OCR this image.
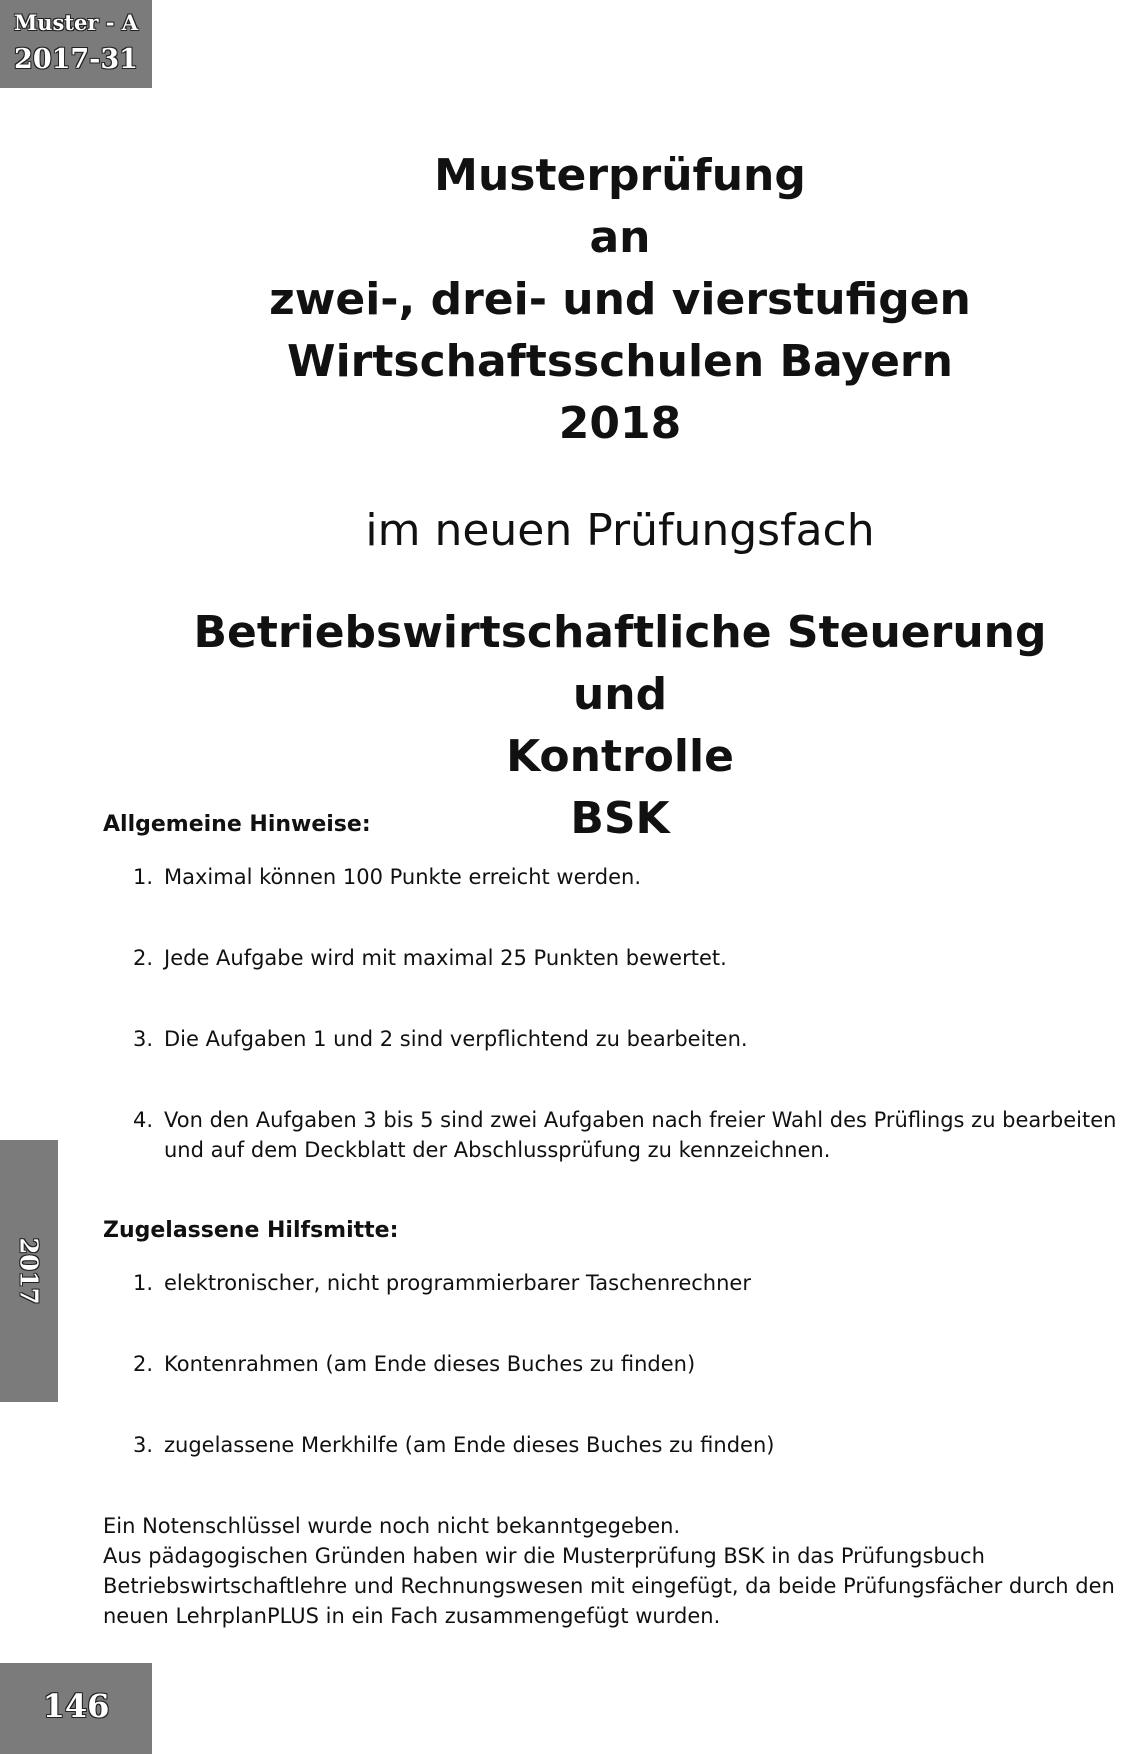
Muster - A
2017-31
2017
146
Musterprüfung
an
zwei-, drei- und vierstufigen
Wirtschaftsschulen Bayern
2018
im neuen Prüfungsfach
Betriebswirtschaftliche Steuerung und
Kontrolle
BSK
Allgemeine Hinweise:
1. Maximal können 100 Punkte erreicht werden.
2. Jede Aufgabe wird mit maximal 25 Punkten bewertet.
3. Die Aufgaben 1 und 2 sind verpflichtend zu bearbeiten.
4. Von den Aufgaben 3 bis 5 sind zwei Aufgaben nach freier Wahl des Prüflings zu bearbeiten und auf dem Deckblatt der Abschlussprüfung zu kennzeichnen.
Zugelassene Hilfsmitte:
1. elektronischer, nicht programmierbarer Taschenrechner
2. Kontenrahmen (am Ende dieses Buches zu finden)
3. zugelassene Merkhilfe (am Ende dieses Buches zu finden)
Ein Notenschlüssel wurde noch nicht bekanntgegeben.
Aus pädagogischen Gründen haben wir die Musterprüfung BSK in das Prüfungsbuch Betriebswirtschaftlehre und Rechnungswesen mit eingefügt, da beide Prüfungsfächer durch den neuen LehrplanPLUS in ein Fach zusammengefügt wurden.
